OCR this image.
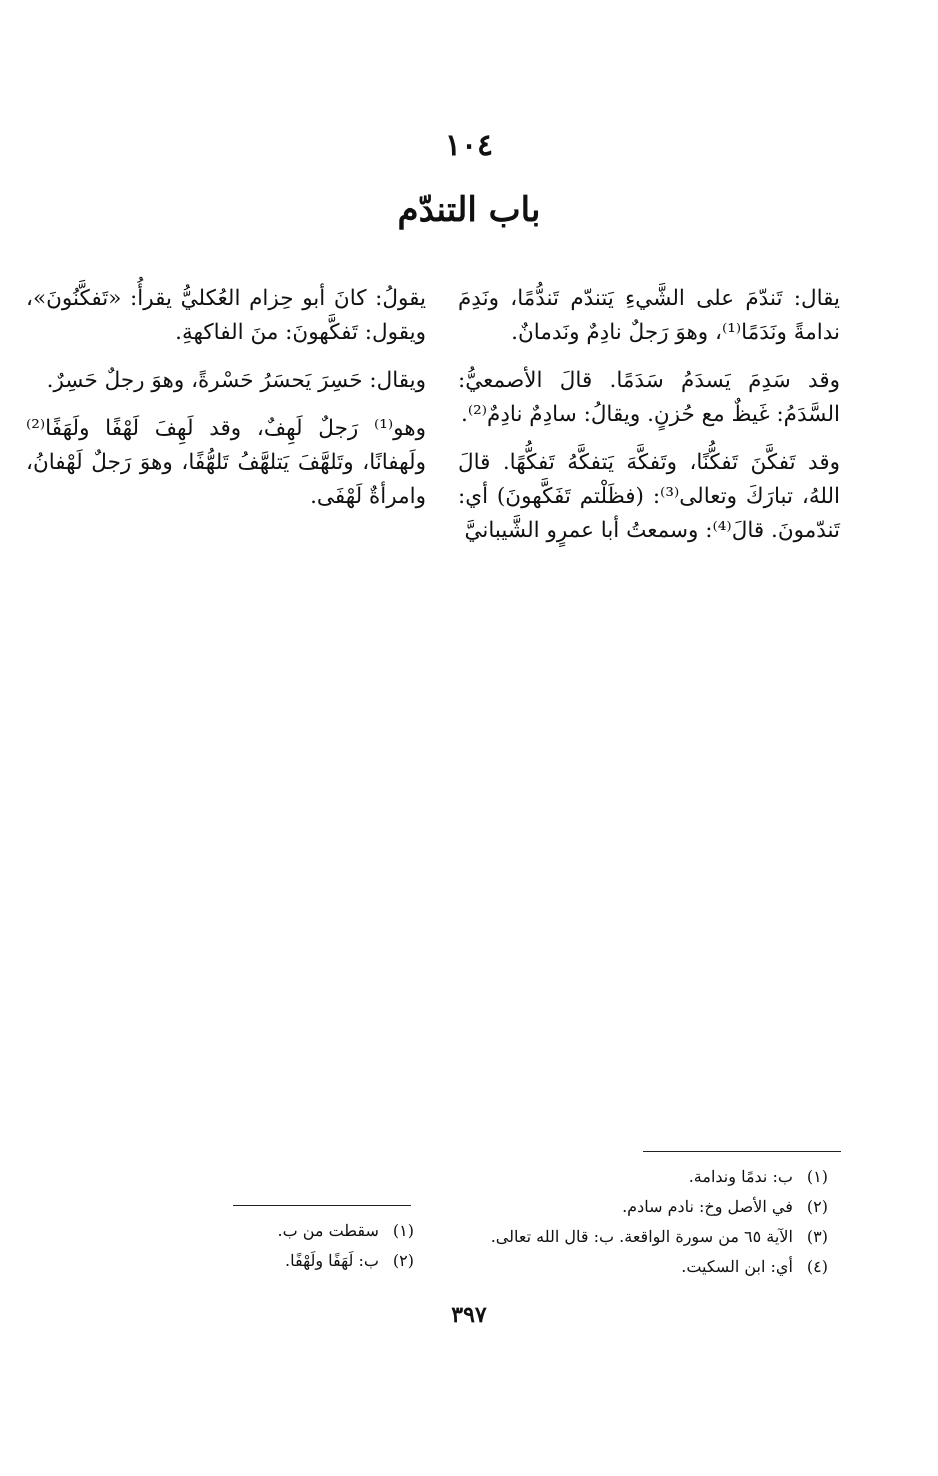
١٠٤
باب التندّم

يقال: تَندّمَ على الشَّيءِ يَتندّم تَندُّمًا، ونَدِمَ ندامةً ونَدَمًا⁽¹⁾، وهوَ رَجلٌ نادِمٌ ونَدمانٌ.

وقد سَدِمَ يَسدَمُ سَدَمًا. قالَ الأصمعيُّ: السَّدَمُ: غَيظٌ مع حُزنٍ. ويقالُ: سادِمٌ نادِمٌ⁽²⁾.

وقد تَفكَّنَ تَفكُّنًا، وتَفكَّهَ يَتفكَّهُ تَفكُّهًا. قالَ اللهُ، تبارَكَ وتعالى⁽³⁾: (فظَلْتم تَفَكَّهونَ) أي: تَندّمونَ. قالَ⁽⁴⁾: وسمعتُ أبا عمرٍو الشَّيبانيَّ

يقولُ: كانَ أبو حِزام العُكليُّ يقرأُ: «تَفكَّنُونَ»، ويقول: تَفكَّهونَ: منَ الفاكهةِ.

ويقال: حَسِرَ يَحسَرُ حَسْرةً، وهوَ رجلٌ حَسِرٌ.

وهو⁽¹⁾ رَجلٌ لَهِفٌ، وقد لَهِفَ لَهْفًا ولَهَفًا⁽²⁾ ولَهفانًا، وتَلهَّفَ يَتلهَّفُ تَلهُّفًا، وهوَ رَجلٌ لَهْفانُ، وامرأةٌ لَهْفَى.

(١)ب: ندمًا وندامة.
(٢)في الأصل وخ: نادم سادم.
(٣)الآية ٦٥ من سورة الواقعة. ب: قال الله تعالى.
(٤)أي: ابن السكيت.
(١)سقطت من ب.
(٢)ب: لَهَفًا ولَهْفًا.
٣٩٧
